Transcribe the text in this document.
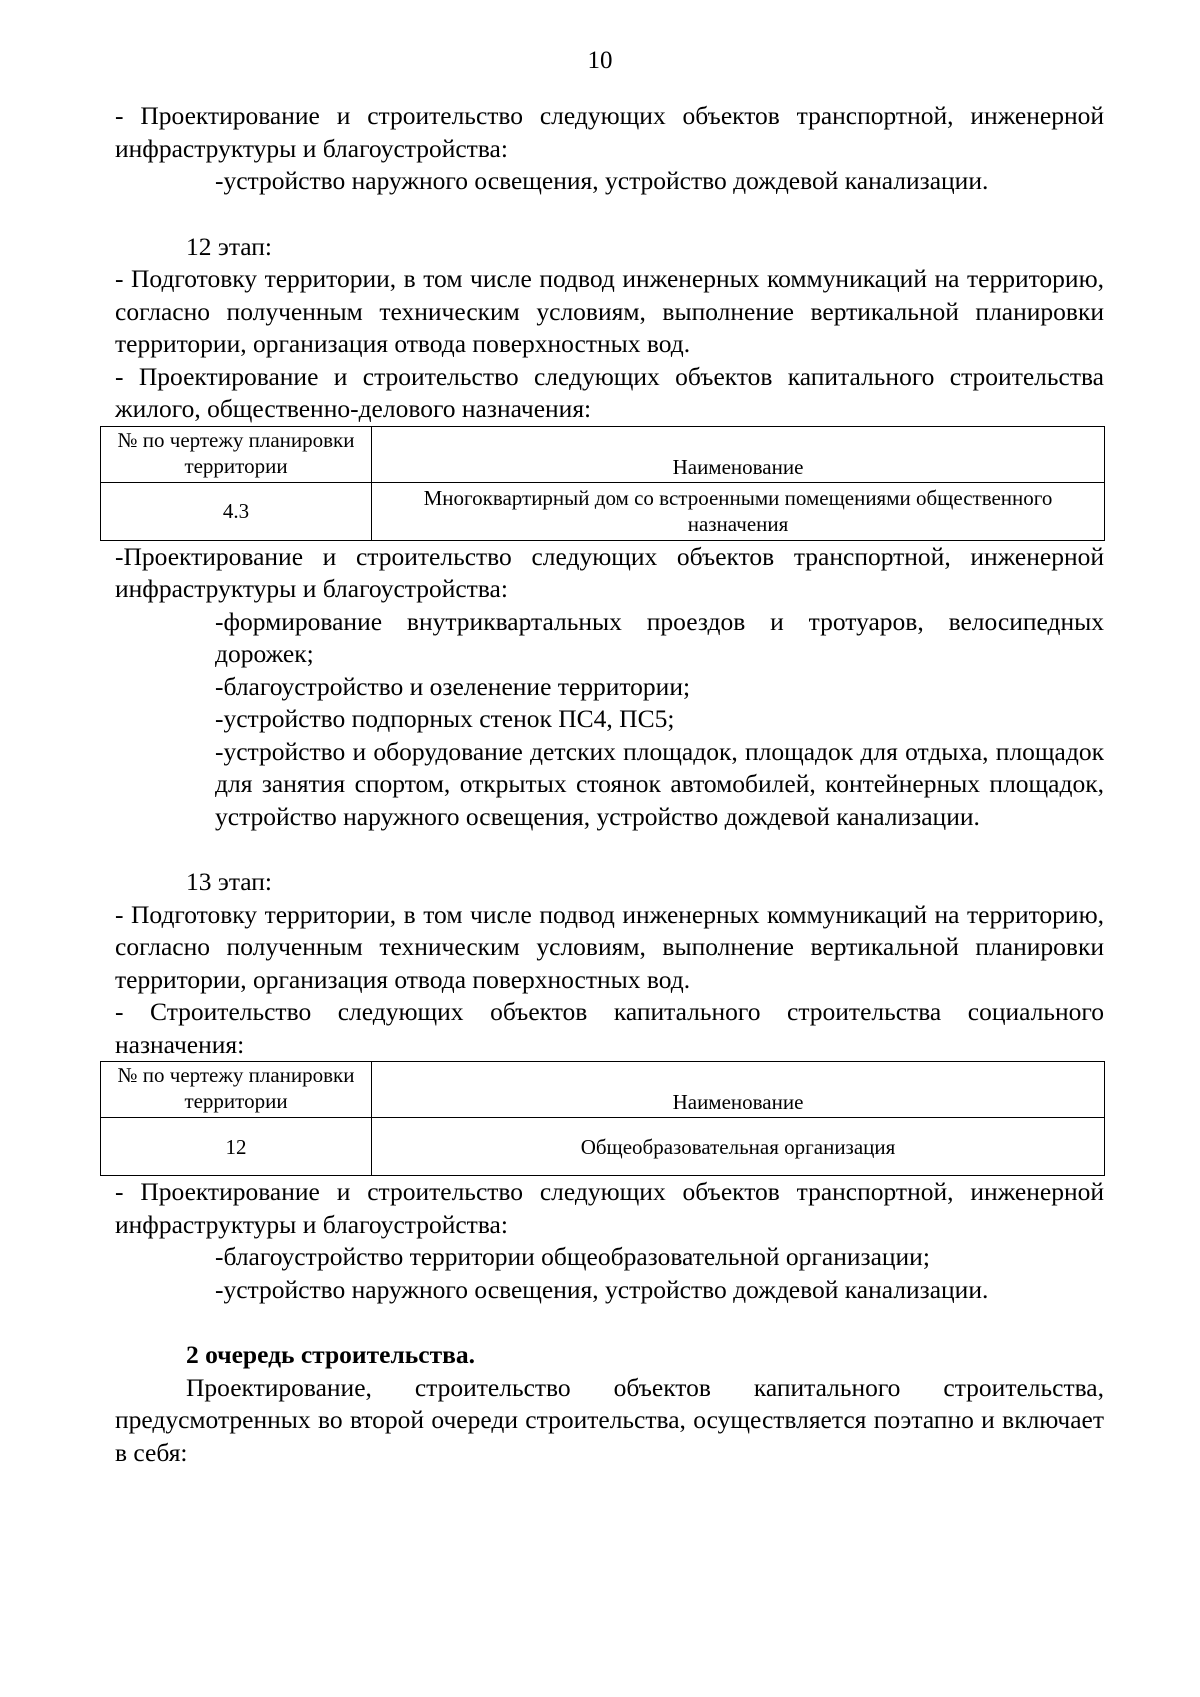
10

- Проектирование и строительство следующих объектов транспортной, инженерной инфраструктуры и благоустройства:

-устройство наружного освещения, устройство дождевой канализации.

12 этап:

- Подготовку территории, в том числе подвод инженерных коммуникаций на территорию, согласно полученным техническим условиям, выполнение вертикальной планировки территории, организация отвода поверхностных вод.

- Проектирование и строительство следующих объектов капитального строительства жилого, общественно-делового назначения:

№ по чертежу планировки территории	Наименование
4.3	Многоквартирный дом со встроенными помещениями общественного назначения

-Проектирование и строительство следующих объектов транспортной, инженерной инфраструктуры и благоустройства:

-формирование внутриквартальных проездов и тротуаров, велосипедных дорожек;

-благоустройство и озеленение территории;

-устройство подпорных стенок ПС4, ПС5;

-устройство и оборудование детских площадок, площадок для отдыха, площадок для занятия спортом, открытых стоянок автомобилей, контейнерных площадок, устройство наружного освещения, устройство дождевой канализации.

13 этап:

- Подготовку территории, в том числе подвод инженерных коммуникаций на территорию, согласно полученным техническим условиям, выполнение вертикальной планировки территории, организация отвода поверхностных вод.

- Строительство следующих объектов капитального строительства социального назначения:

№ по чертежу планировки территории	Наименование
12	Общеобразовательная организация

- Проектирование и строительство следующих объектов транспортной, инженерной инфраструктуры и благоустройства:

-благоустройство территории общеобразовательной организации;

-устройство наружного освещения, устройство дождевой канализации.

2 очередь строительства.

Проектирование, строительство объектов капитального строительства, предусмотренных во второй очереди строительства, осуществляется поэтапно и включает в себя:
